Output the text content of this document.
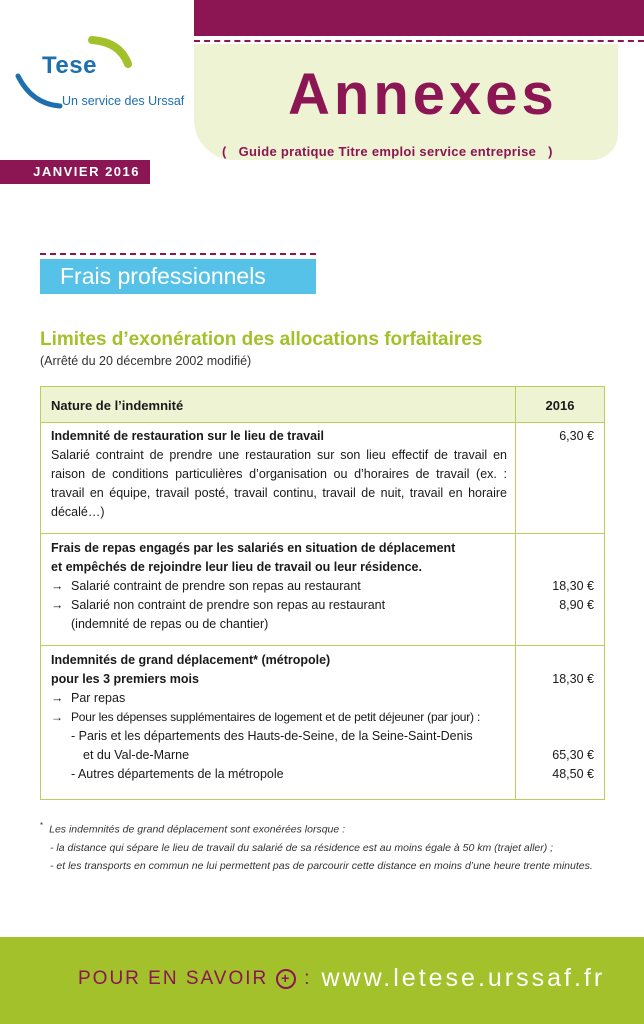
Tese
Un service des Urssaf Annexes
( Guide pratique Titre emploi service entreprise )
JANVIER 2016
Frais professionnels
Limites d’exonération des allocations forfaitaires
(Arrêté du 20 décembre 2002 modifié)
Nature de l’indemnité	2016
Indemnité de restauration sur le lieu de travail
Salarié contraint de prendre une restauration sur son lieu effectif de travail en raison de conditions particulières d’organisation ou d’horaires de travail (ex. : travail en équipe, travail posté, travail continu, travail de nuit, travail en horaire décalé…)
6,30 €
Frais de repas engagés par les salariés en situation de déplacement
et empêchés de rejoindre leur lieu de travail ou leur résidence.
→ Salarié contraint de prendre son repas au restaurant
→ Salarié non contraint de prendre son repas au restaurant
(indemnité de repas ou de chantier)
18,30 €
8,90 €
Indemnités de grand déplacement* (métropole)
pour les 3 premiers mois
→ Par repas
→ Pour les dépenses supplémentaires de logement et de petit déjeuner (par jour) :
- Paris et les départements des Hauts-de-Seine, de la Seine-Saint-Denis
et du Val-de-Marne
- Autres départements de la métropole
18,30 €
65,30 €
48,50 €

* Les indemnités de grand déplacement sont exonérées lorsque :

- la distance qui sépare le lieu de travail du salarié de sa résidence est au moins égale à 50 km (trajet aller) ;

- et les transports en commun ne lui permettent pas de parcourir cette distance en moins d’une heure trente minutes.

POUR EN SAVOIR + : www.letese.urssaf.fr
